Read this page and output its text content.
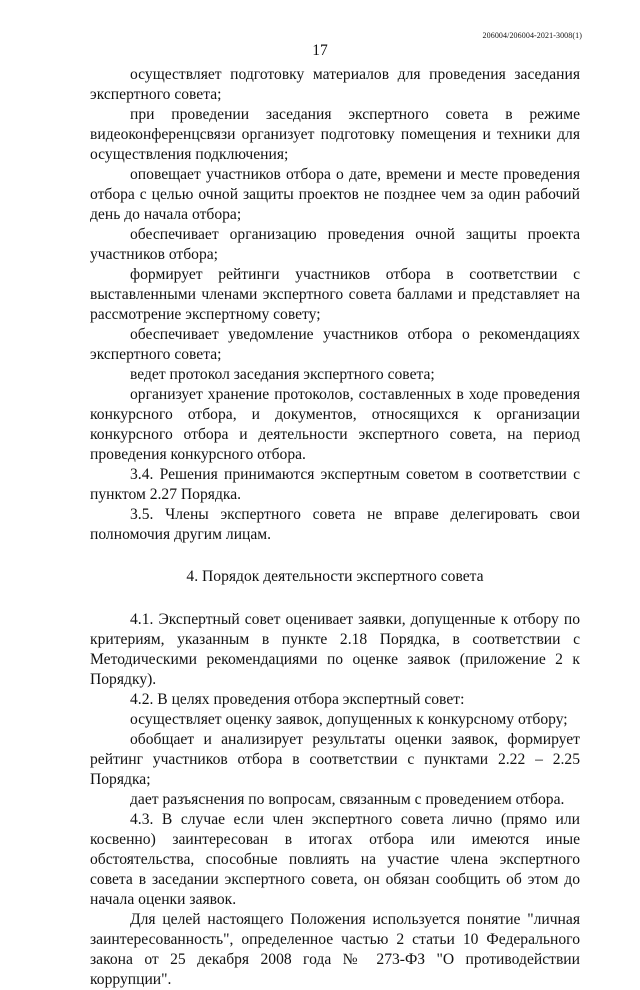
206004/206004-2021-3008(1)
17

осуществляет подготовку материалов для проведения заседания экспертного совета;

при проведении заседания экспертного совета в режиме видеоконференцсвязи организует подготовку помещения и техники для осуществления подключения;

оповещает участников отбора о дате, времени и месте проведения отбора с целью очной защиты проектов не позднее чем за один рабочий день до начала отбора;

обеспечивает организацию проведения очной защиты проекта участников отбора;

формирует рейтинги участников отбора в соответствии с выставленными членами экспертного совета баллами и представляет на рассмотрение экспертному совету;

обеспечивает уведомление участников отбора о рекомендациях экспертного совета;

ведет протокол заседания экспертного совета;

организует хранение протоколов, составленных в ходе проведения конкурсного отбора, и документов, относящихся к организации конкурсного отбора и деятельности экспертного совета, на период проведения конкурсного отбора.

3.4. Решения принимаются экспертным советом в соответствии с пунктом 2.27 Порядка.

3.5. Члены экспертного совета не вправе делегировать свои полномочия другим лицам.

4. Порядок деятельности экспертного совета

4.1. Экспертный совет оценивает заявки, допущенные к отбору по критериям, указанным в пункте 2.18 Порядка, в соответствии с Методическими рекомендациями по оценке заявок (приложение 2 к Порядку).

4.2. В целях проведения отбора экспертный совет:

осуществляет оценку заявок, допущенных к конкурсному отбору;

обобщает и анализирует результаты оценки заявок, формирует рейтинг участников отбора в соответствии с пунктами 2.22 – 2.25 Порядка;

дает разъяснения по вопросам, связанным с проведением отбора.

4.3. В случае если член экспертного совета лично (прямо или косвенно) заинтересован в итогах отбора или имеются иные обстоятельства, способные повлиять на участие члена экспертного совета в заседании экспертного совета, он обязан сообщить об этом до начала оценки заявок.

Для целей настоящего Положения используется понятие "личная заинтересованность", определенное частью 2 статьи 10 Федерального закона от 25 декабря 2008 года № 273-ФЗ "О противодействии коррупции".
